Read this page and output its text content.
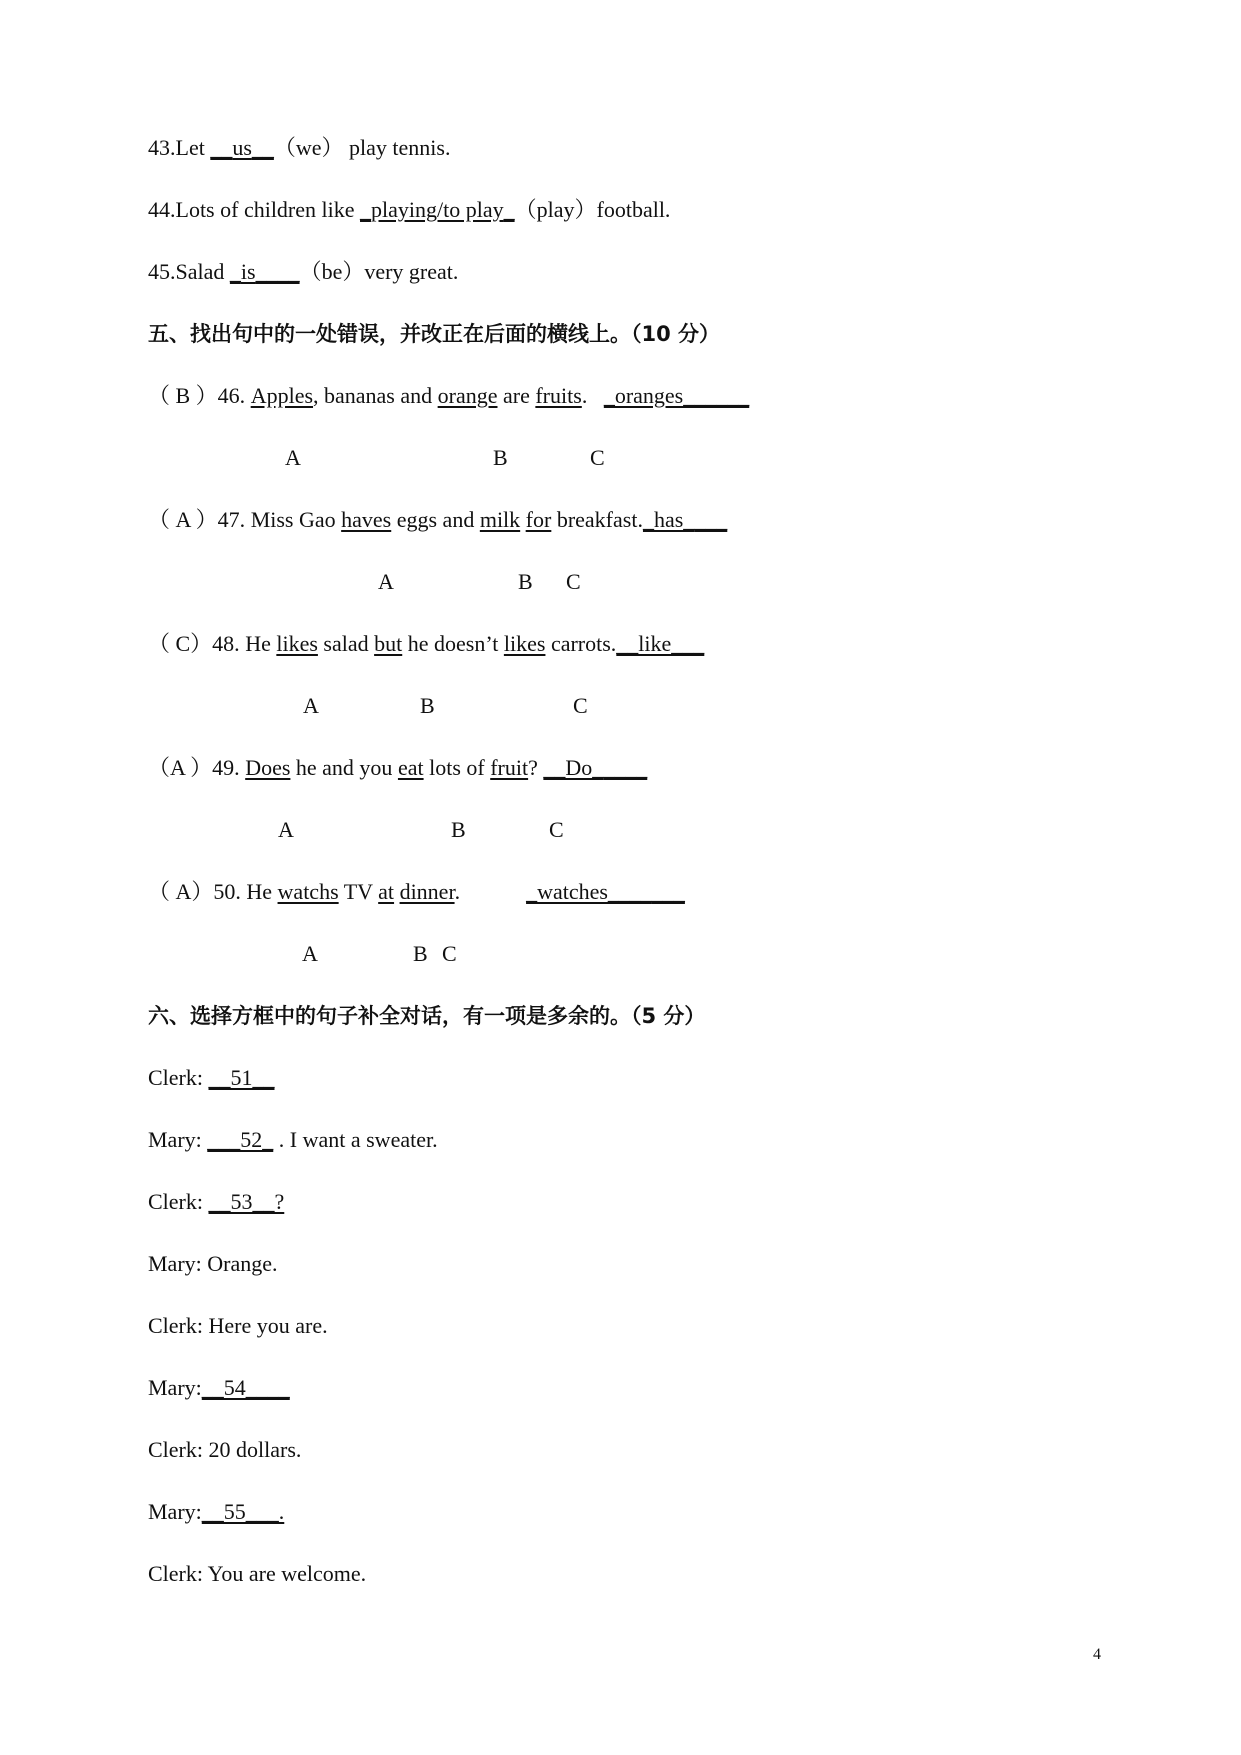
43.Let __us__（we） play tennis.
44.Lots of children like _playing/to play_（play）football.
45.Salad _is____（be）very great.
五、找出句中的一处错误，并改正在后面的横线上。（10 分）
（ B ）46. Apples, bananas and orange are fruits. _oranges______
A	B	C
（ A ）47. Miss Gao haves eggs and milk for breakfast._has____
A	B C
（ C）48. He likes salad but he doesn’t likes carrots.__like___
A	B	C
（A ）49. Does he and you eat lots of fruit? __Do_____
A	B	C
（ A）50. He watchs TV at dinner.	_watches_______
A	B C
六、选择方框中的句子补全对话，有一项是多余的。（5 分）
Clerk: __51__
Mary: ___52_ . I want a sweater.
Clerk: __53__?
Mary: Orange.
Clerk: Here you are.
Mary:__54____
Clerk: 20 dollars.
Mary:__55___.
Clerk: You are welcome.
4
